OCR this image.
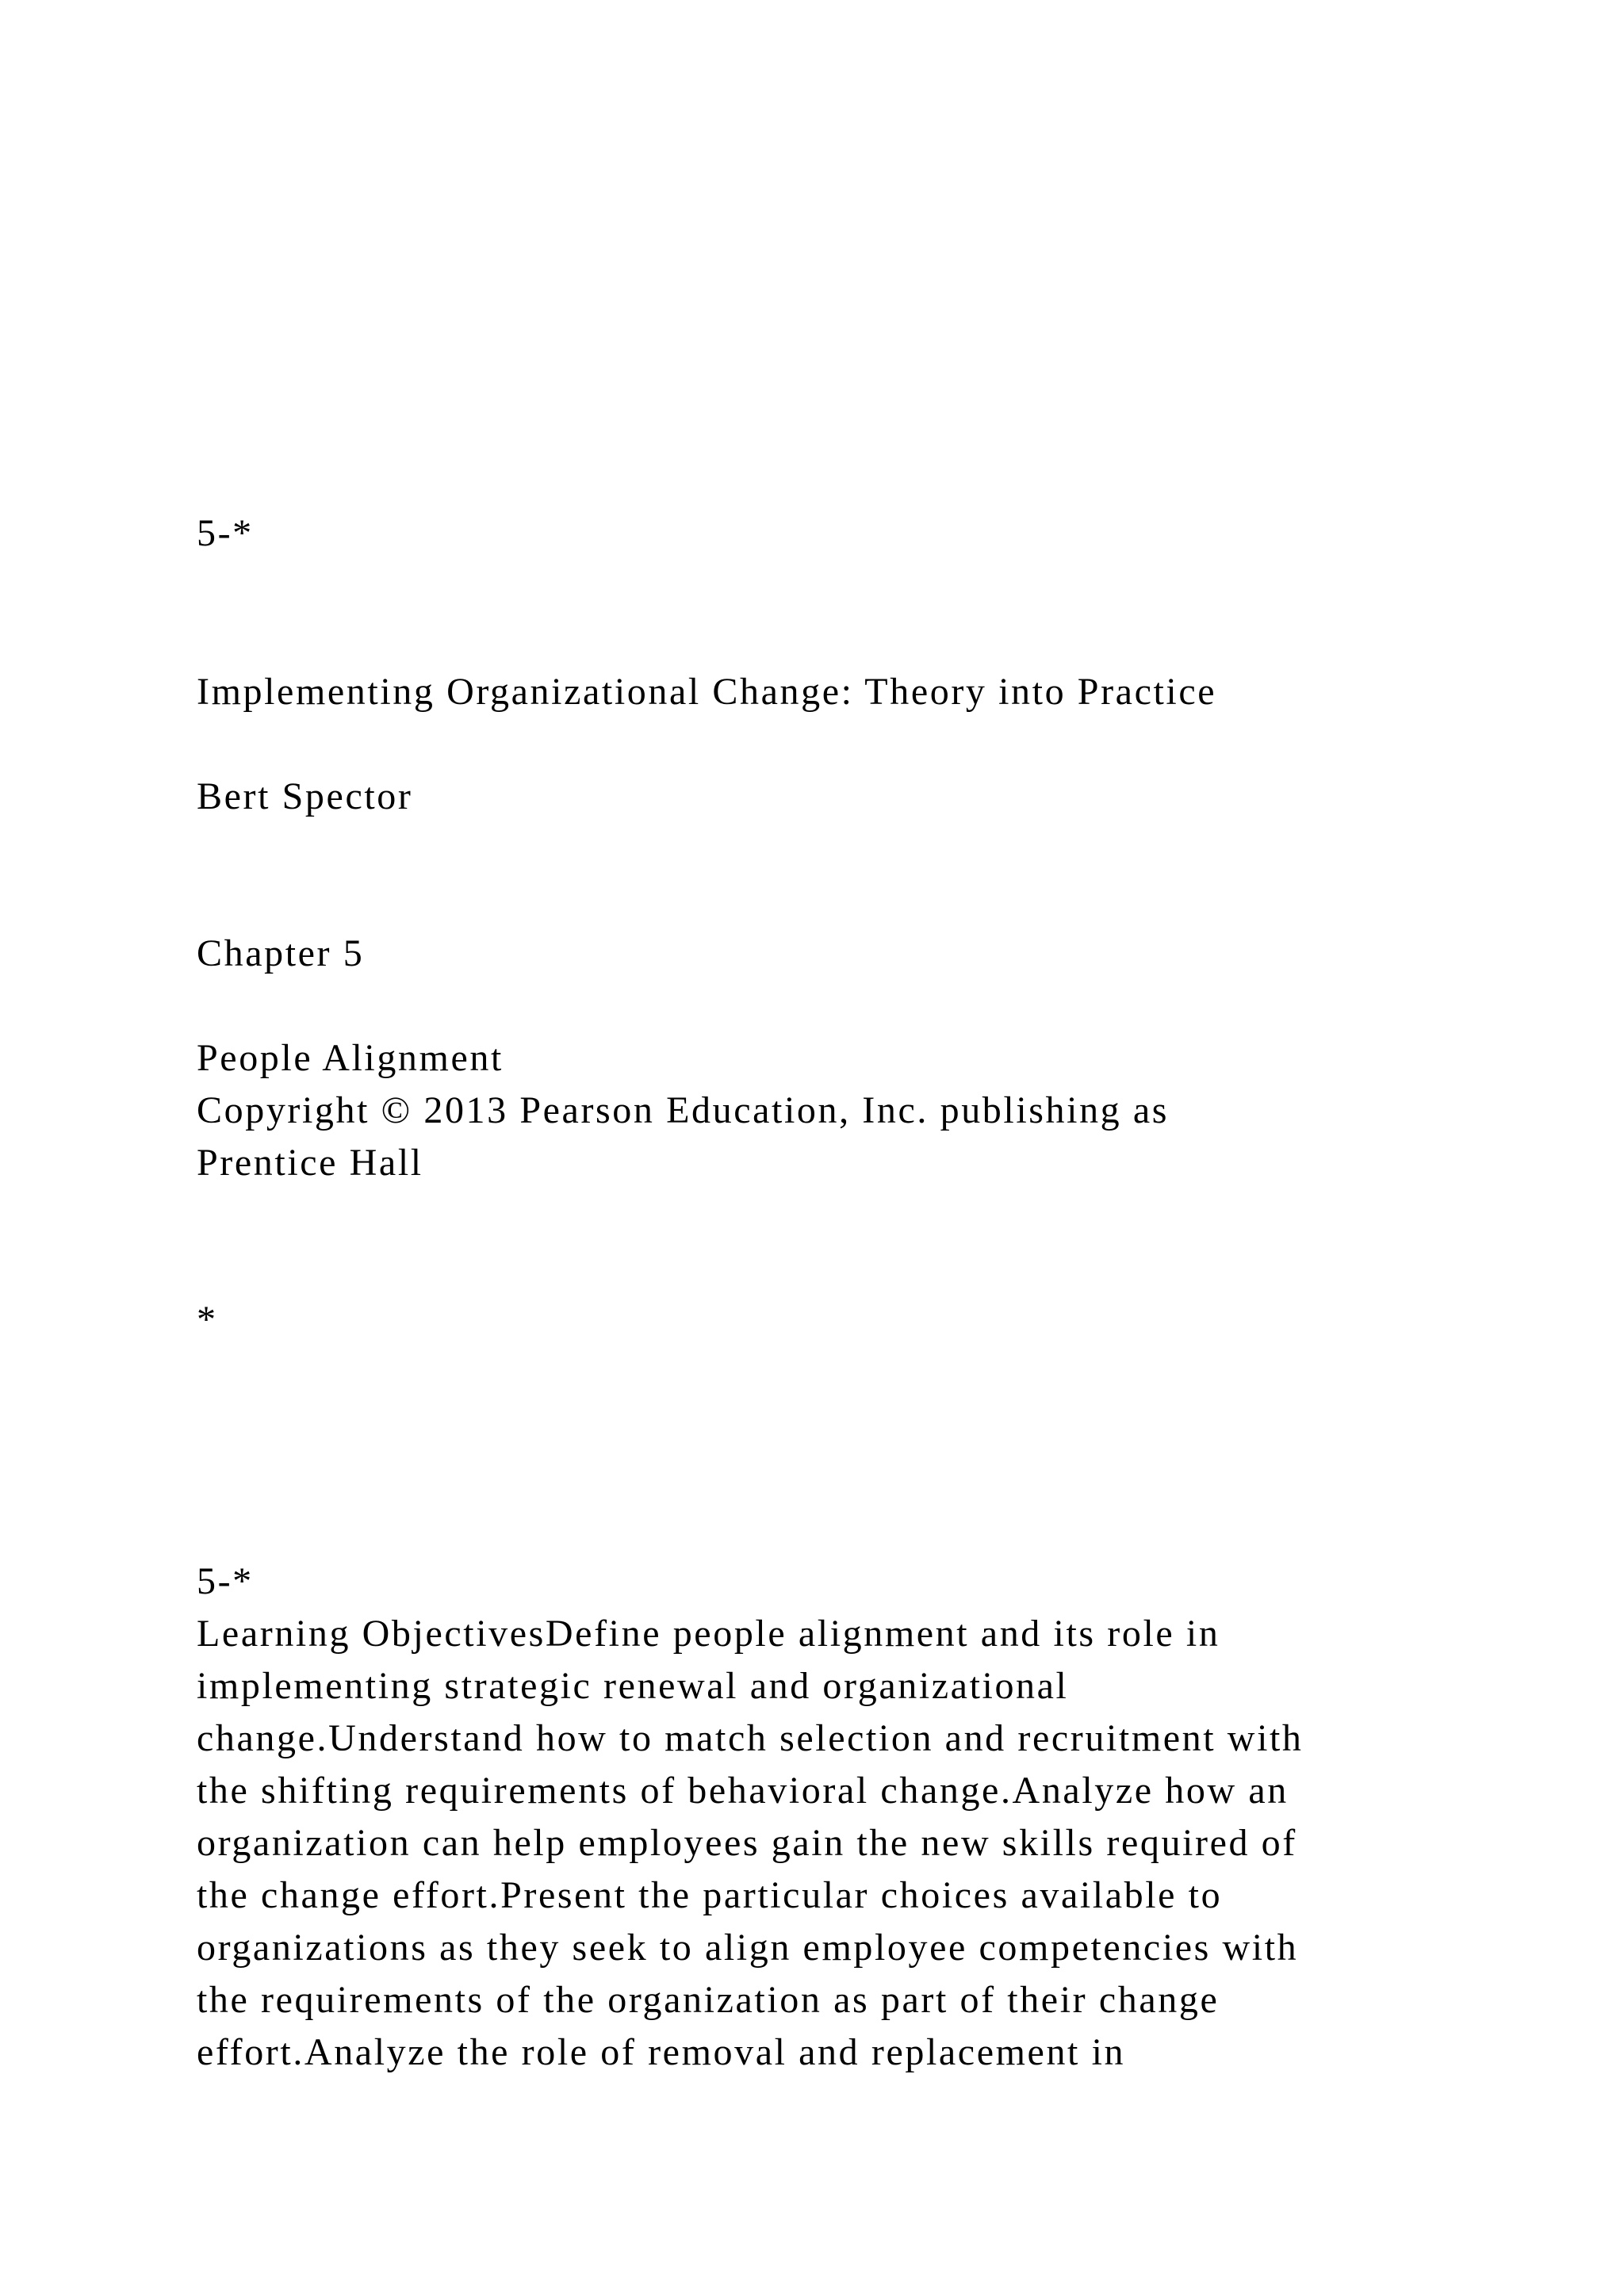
5-*

Implementing Organizational Change: Theory into Practice

Bert Spector

Chapter 5

People Alignment

Copyright © 2013 Pearson Education, Inc. publishing as

Prentice Hall

*

5-*

Learning ObjectivesDefine people alignment and its role in

implementing strategic renewal and organizational

change.Understand how to match selection and recruitment with

the shifting requirements of behavioral change.Analyze how an

organization can help employees gain the new skills required of

the change effort.Present the particular choices available to

organizations as they seek to align employee competencies with

the requirements of the organization as part of their change

effort.Analyze the role of removal and replacement in
